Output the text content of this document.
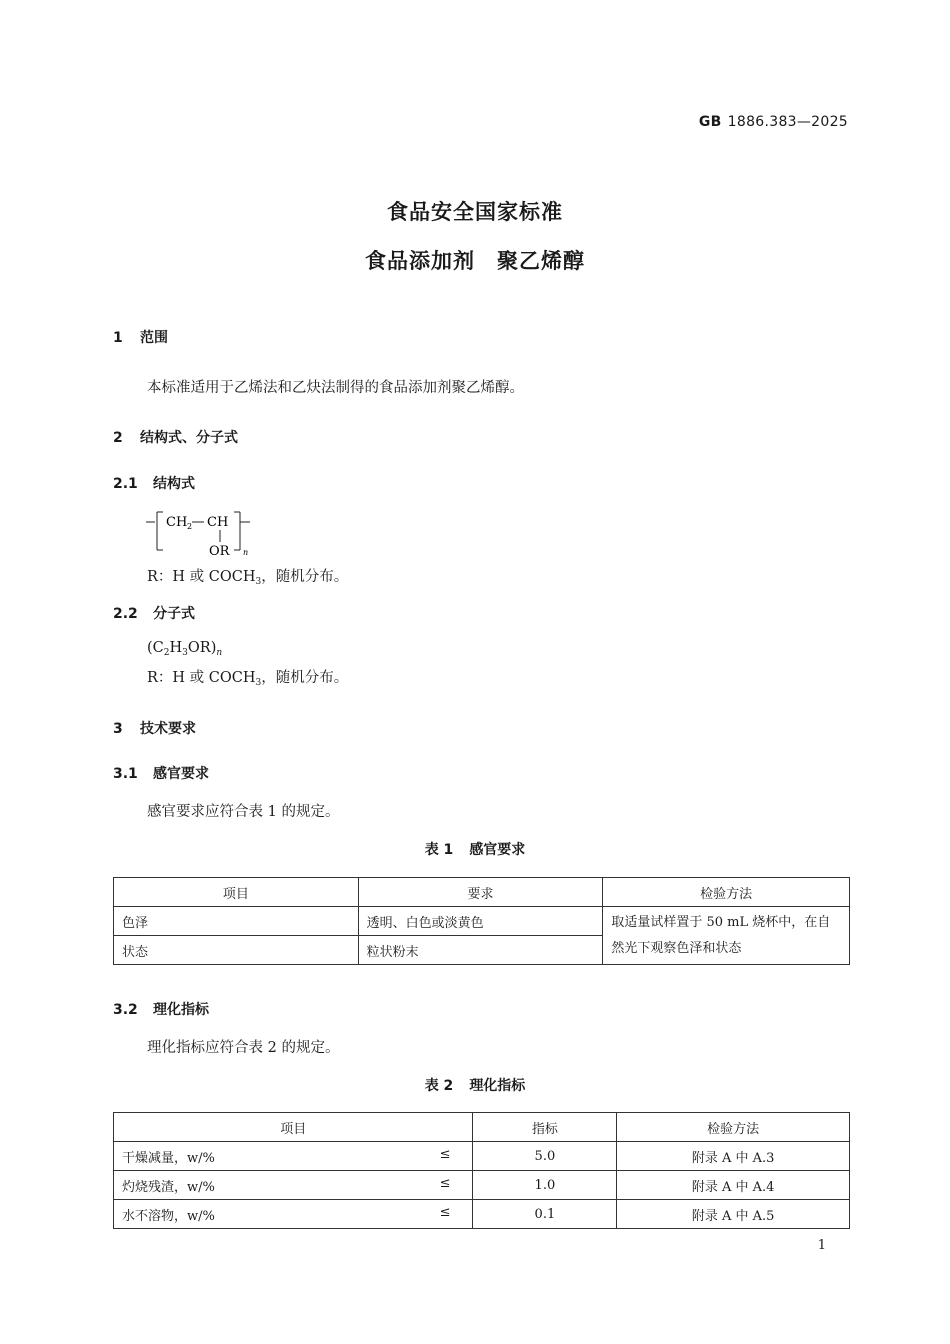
GB 1886.383—2025
食品安全国家标准
食品添加剂　聚乙烯醇
1 范围
本标准适用于乙烯法和乙炔法制得的食品添加剂聚乙烯醇。
2 结构式、分子式
2.1 结构式
CH 2 CH
OR n
R：H 或 $COCH_3$，随机分布。
2.2 分子式
$(C_2H_3OR)_n$
R：H 或 $COCH_3$，随机分布。
3 技术要求
3.1 感官要求
感官要求应符合表 1 的规定。
表 1 感官要求
项目	要求	检验方法
色泽	透明、白色或淡黄色	取适量试样置于 50 mL 烧杯中，在自然光下观察色泽和状态
状态	粒状粉末	
3.2 理化指标
理化指标应符合表 2 的规定。
表 2 理化指标
项目	指标	检验方法
干燥减量，w/% ≤	5.0	附录 A 中 A.3
灼烧残渣，w/% ≤	1.0	附录 A 中 A.4
水不溶物，w/% ≤	0.1	附录 A 中 A.5
1
